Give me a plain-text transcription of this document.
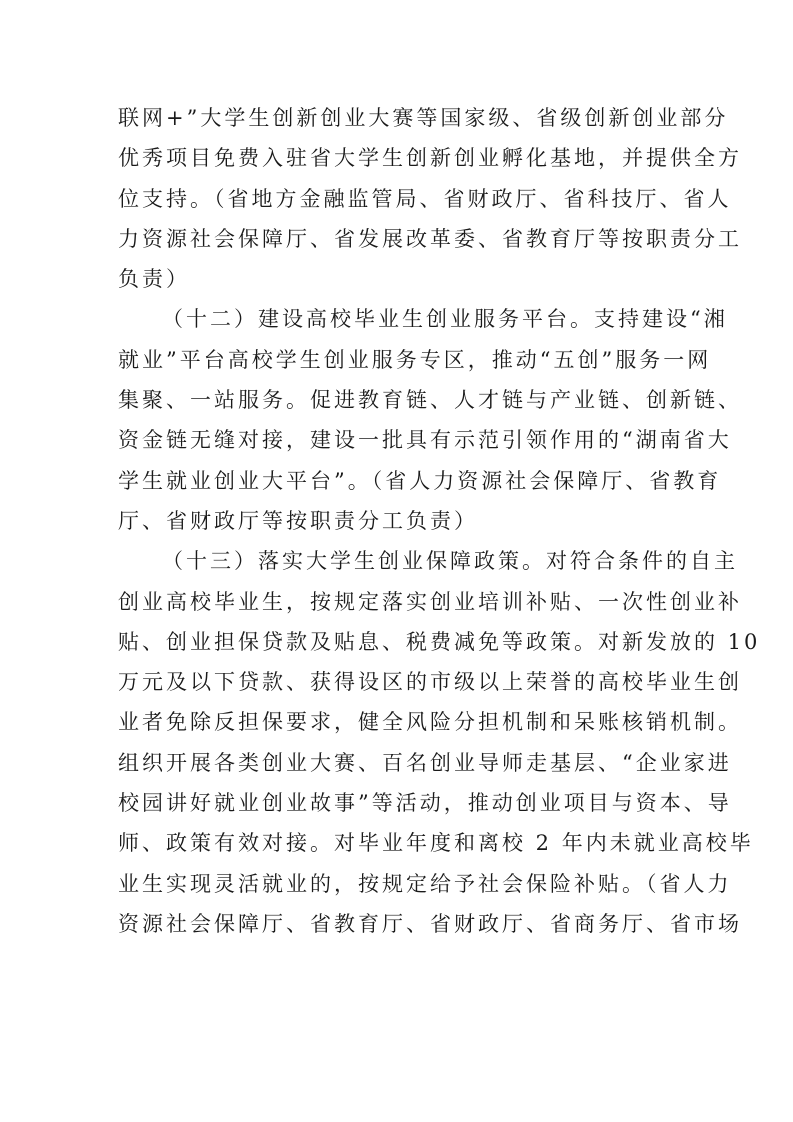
联网+”大学生创新创业大赛等国家级、省级创新创业部分
优秀项目免费入驻省大学生创新创业孵化基地，并提供全方
位支持。（省地方金融监管局、省财政厅、省科技厅、省人
力资源社会保障厅、省发展改革委、省教育厅等按职责分工
负责）
（十二）建设高校毕业生创业服务平台。支持建设“湘
就业”平台高校学生创业服务专区，推动“五创”服务一网
集聚、一站服务。促进教育链、人才链与产业链、创新链、
资金链无缝对接，建设一批具有示范引领作用的“湖南省大
学生就业创业大平台”。（省人力资源社会保障厅、省教育
厅、省财政厅等按职责分工负责）
（十三）落实大学生创业保障政策。对符合条件的自主
创业高校毕业生，按规定落实创业培训补贴、一次性创业补
贴、创业担保贷款及贴息、税费减免等政策。对新发放的 10
万元及以下贷款、获得设区的市级以上荣誉的高校毕业生创
业者免除反担保要求，健全风险分担机制和呆账核销机制。
组织开展各类创业大赛、百名创业导师走基层、“企业家进
校园讲好就业创业故事”等活动，推动创业项目与资本、导
师、政策有效对接。对毕业年度和离校 2 年内未就业高校毕
业生实现灵活就业的，按规定给予社会保险补贴。（省人力
资源社会保障厅、省教育厅、省财政厅、省商务厅、省市场
